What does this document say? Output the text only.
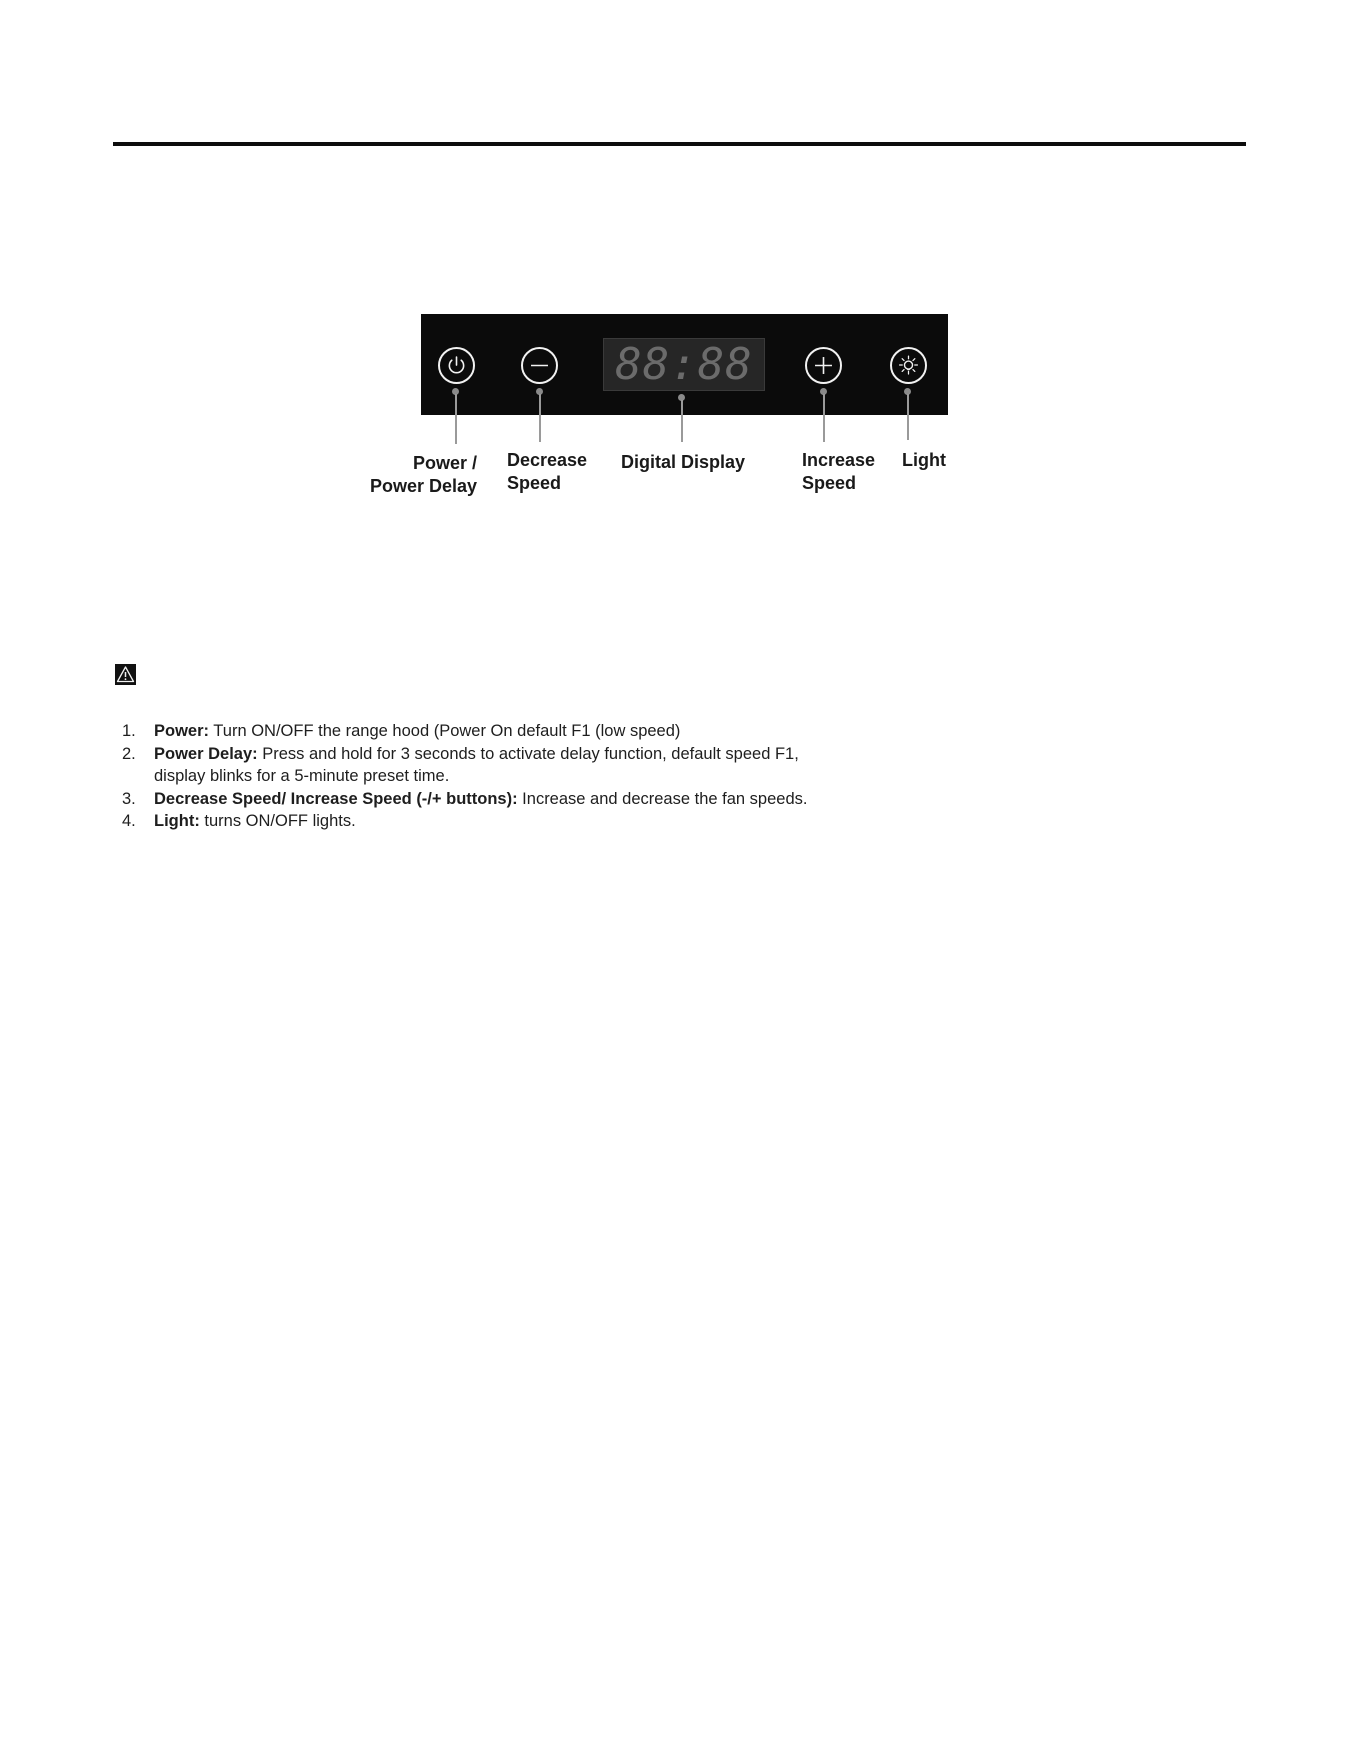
88:88
Power /
Power Delay
Decrease
Speed
Digital Display	Increase
Speed
Light
1. Power: Turn ON/OFF the range hood (Power On default F1 (low speed)
2. Power Delay: Press and hold for 3 seconds to activate delay function, default speed F1,
display blinks for a 5-minute preset time.
3. Decrease Speed/ Increase Speed (-/+ buttons): Increase and decrease the fan speeds.
4. Light: turns ON/OFF lights.
